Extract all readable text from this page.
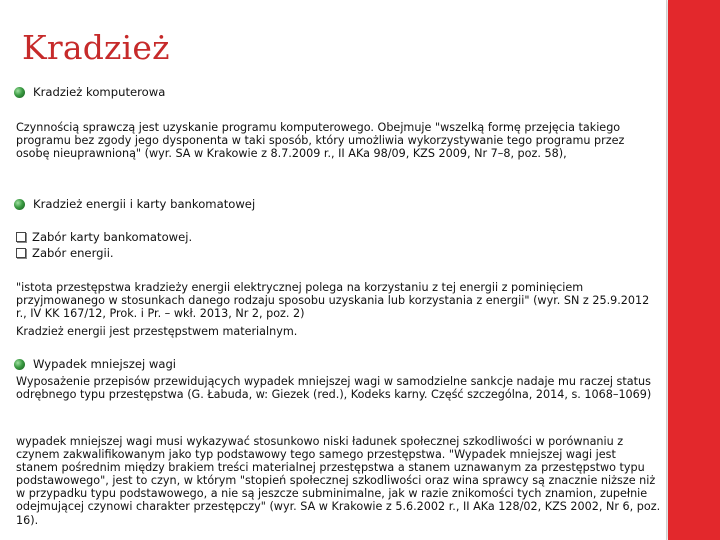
Kradzież
Kradzież komputerowa

Czynnością sprawczą jest uzyskanie programu komputerowego. Obejmuje "wszelką formę przejęcia takiego programu bez zgody jego dysponenta w taki sposób, który umożliwia wykorzystywanie tego programu przez osobę nieuprawnioną" (wyr. SA w Krakowie z 8.7.2009 r., II AKa 98/09, KZS 2009, Nr 7–8, poz. 58),

Kradzież energii i karty bankomatowej
Zabór karty bankomatowej.
Zabór energii.

"istota przestępstwa kradzieży energii elektrycznej polega na korzystaniu z tej energii z pominięciem przyjmowanego w stosunkach danego rodzaju sposobu uzyskania lub korzystania z energii" (wyr. SN z 25.9.2012 r., IV KK 167/12, Prok. i Pr. – wkł. 2013, Nr 2, poz. 2)

Kradzież energii jest przestępstwem materialnym.

Wypadek mniejszej wagi

Wyposażenie przepisów przewidujących wypadek mniejszej wagi w samodzielne sankcje nadaje mu raczej status odrębnego typu przestępstwa (G. Łabuda, w: Giezek (red.), Kodeks karny. Część szczególna, 2014, s. 1068–1069)

wypadek mniejszej wagi musi wykazywać stosunkowo niski ładunek społecznej szkodliwości w porównaniu z czynem zakwalifikowanym jako typ podstawowy tego samego przestępstwa. "Wypadek mniejszej wagi jest stanem pośrednim między brakiem treści materialnej przestępstwa a stanem uznawanym za przestępstwo typu podstawowego", jest to czyn, w którym "stopień społecznej szkodliwości oraz wina sprawcy są znacznie niższe niż w przypadku typu podstawowego, a nie są jeszcze subminimalne, jak w razie znikomości tych znamion, zupełnie odejmującej czynowi charakter przestępczy" (wyr. SA w Krakowie z 5.6.2002 r., II AKa 128/02, KZS 2002, Nr 6, poz. 16).
